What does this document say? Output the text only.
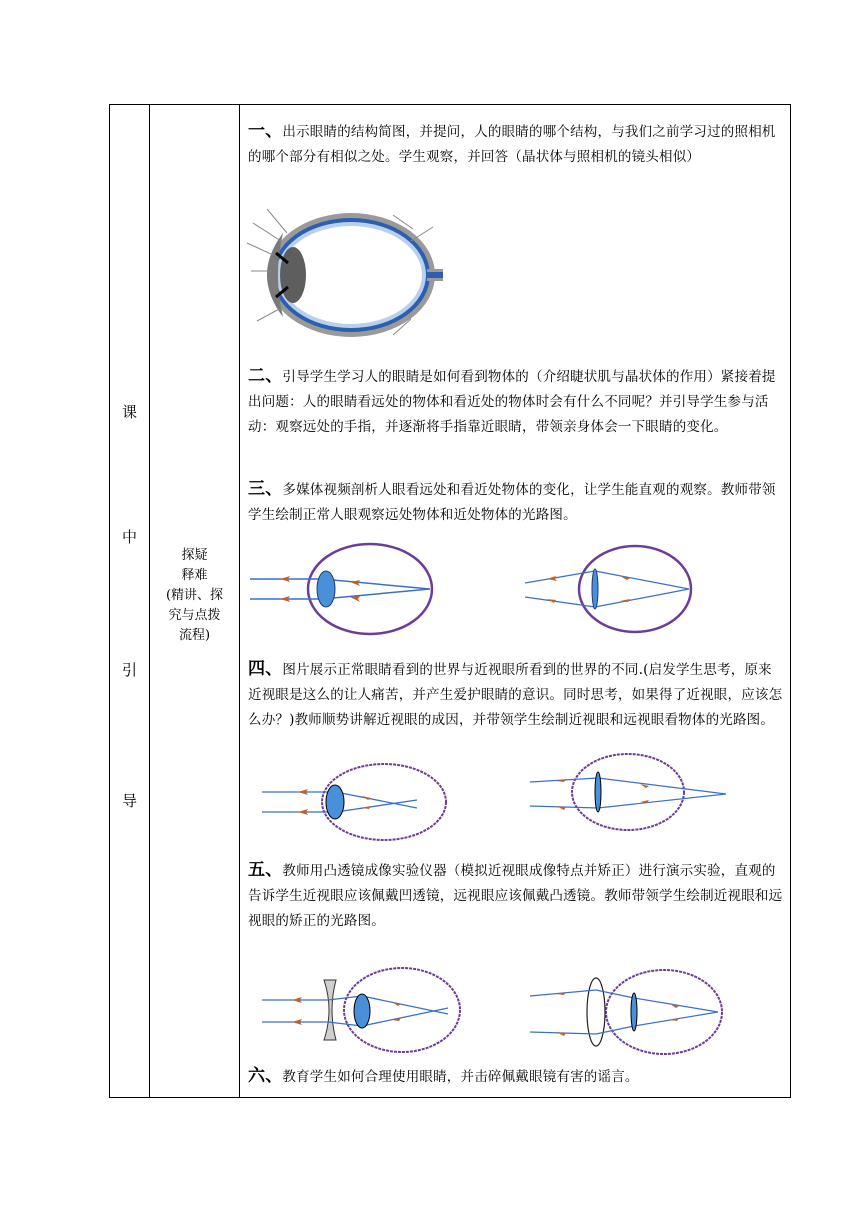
课
中
引
导
探疑
释难
(精讲、探
究与点拨
流程)
一、出示眼睛的结构简图，并提问，人的眼睛的哪个结构，与我们之前学习过的照相机的哪个部分有相似之处。学生观察，并回答（晶状体与照相机的镜头相似）
二、引导学生学习人的眼睛是如何看到物体的（介绍睫状肌与晶状体的作用）紧接着提出问题：人的眼睛看远处的物体和看近处的物体时会有什么不同呢？并引导学生参与活动：观察远处的手指，并逐渐将手指靠近眼睛，带领亲身体会一下眼睛的变化。
三、多媒体视频剖析人眼看远处和看近处物体的变化，让学生能直观的观察。教师带领学生绘制正常人眼观察远处物体和近处物体的光路图。
四、图片展示正常眼睛看到的世界与近视眼所看到的世界的不同.(启发学生思考，原来近视眼是这么的让人痛苦，并产生爱护眼睛的意识。同时思考，如果得了近视眼，应该怎么办？)教师顺势讲解近视眼的成因，并带领学生绘制近视眼和远视眼看物体的光路图。
五、教师用凸透镜成像实验仪器（模拟近视眼成像特点并矫正）进行演示实验，直观的告诉学生近视眼应该佩戴凹透镜，远视眼应该佩戴凸透镜。教师带领学生绘制近视眼和远视眼的矫正的光路图。
六、教育学生如何合理使用眼睛，并击碎佩戴眼镜有害的谣言。
